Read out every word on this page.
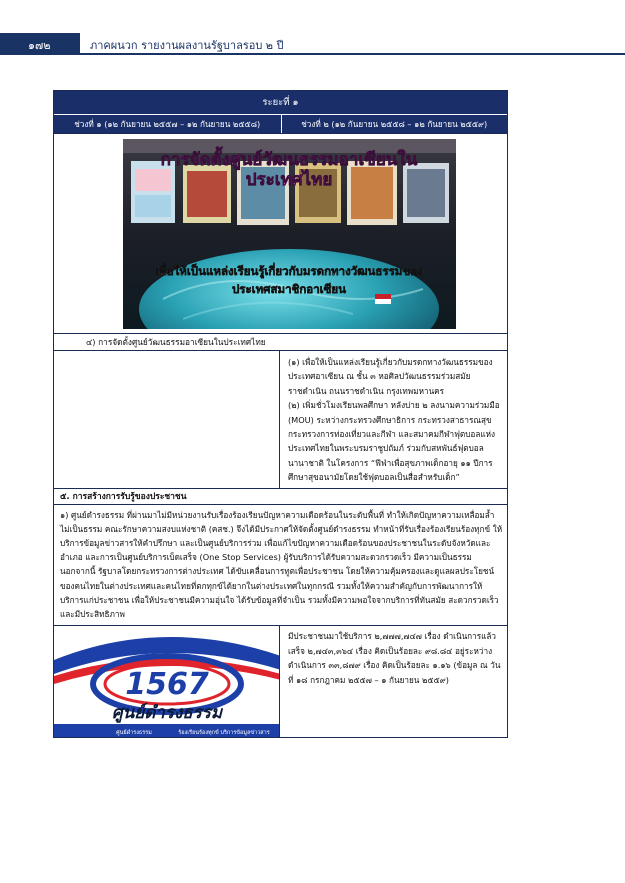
๑๗๒	ภาคผนวก รายงานผลงานรัฐบาลรอบ ๒ ปี
ระยะที่ ๑
ช่วงที่ ๑ (๑๒ กันยายน ๒๕๕๗ – ๑๒ กันยายน ๒๕๕๘)	ช่วงที่ ๒ (๑๒ กันยายน ๒๕๕๘ – ๑๒ กันยายน ๒๕๕๙)
การจัดตั้งศูนย์วัฒนธรรมอาเซียนใน
ประเทศไทย
เพื่อให้เป็นแหล่งเรียนรู้เกี่ยวกับมรดกทางวัฒนธรรมของ
ประเทศสมาชิกอาเซียน
๔) การจัดตั้งศูนย์วัฒนธรรมอาเซียนในประเทศไทย

(๑) เพื่อให้เป็นแหล่งเรียนรู้เกี่ยวกับมรดกทางวัฒนธรรมของประเทศอาเซียน ณ ชั้น ๓ หอศิลปวัฒนธรรมร่วมสมัยราชดำเนิน ถนนราชดำเนิน กรุงเทพมหานคร

(๒) เพิ่มชั่วโมงเรียนพลศึกษา หลังบ่าย ๒ ลงนามความร่วมมือ (MOU) ระหว่างกระทรวงศึกษาธิการ กระทรวงสาธารณสุข กระทรวงการท่องเที่ยวและกีฬา และสมาคมกีฬาฟุตบอลแห่งประเทศไทยในพระบรมราชูปถัมภ์ ร่วมกับสหพันธ์ฟุตบอลนานาชาติ ในโครงการ “ฟีฟ่าเพื่อสุขภาพเด็กอายุ ๑๑ ปีการศึกษาสุขอนามัยโดยใช้ฟุตบอลเป็นสื่อสำหรับเด็ก”

๕. การสร้างการรับรู้ของประชาชน
๑) ศูนย์ดำรงธรรม ที่ผ่านมาไม่มีหน่วยงานรับเรื่องร้องเรียนปัญหาความเดือดร้อนในระดับพื้นที่ ทำให้เกิดปัญหาความเหลื่อมล้ำไม่เป็นธรรม คณะรักษาความสงบแห่งชาติ (คสช.) จึงได้มีประกาศให้จัดตั้งศูนย์ดำรงธรรม ทำหน้าที่รับเรื่องร้องเรียนร้องทุกข์ ให้บริการข้อมูลข่าวสารให้คำปรึกษา และเป็นศูนย์บริการร่วม เพื่อแก้ไขปัญหาความเดือดร้อนของประชาชนในระดับจังหวัดและอำเภอ และการเป็นศูนย์บริการเบ็ดเสร็จ (One Stop Services) ผู้รับบริการได้รับความสะดวกรวดเร็ว มีความเป็นธรรม นอกจากนี้ รัฐบาลโดยกระทรวงการต่างประเทศ ได้ขับเคลื่อนการทูตเพื่อประชาชน โดยให้ความคุ้มครองและดูแลผลประโยชน์ของคนไทยในต่างประเทศและคนไทยที่ตกทุกข์ได้ยากในต่างประเทศในทุกกรณี รวมทั้งให้ความสำคัญกับการพัฒนาการให้บริการแก่ประชาชน เพื่อให้ประชาชนมีความอุ่นใจ ได้รับข้อมูลที่จำเป็น รวมทั้งมีความพอใจจากบริการที่ทันสมัย สะดวกรวดเร็วและมีประสิทธิภาพ
1567
ศูนย์ดำรงธรรม
ศูนย์ดำรงธรรม	ร้องเรียนร้องทุกข์ บริการข้อมูลข่าวสาร
มีประชาชนมาใช้บริการ ๒,๗๗๗,๗๔๗ เรื่อง ดำเนินการแล้วเสร็จ ๒,๗๔๓,๓๖๔ เรื่อง คิดเป็นร้อยละ ๙๘.๘๔ อยู่ระหว่างดำเนินการ ๓๓,๘๗๙ เรื่อง คิดเป็นร้อยละ ๑.๑๖ (ข้อมูล ณ วันที่ ๑๘ กรกฎาคม ๒๕๕๗ – ๑ กันยายน ๒๕๕๙)
